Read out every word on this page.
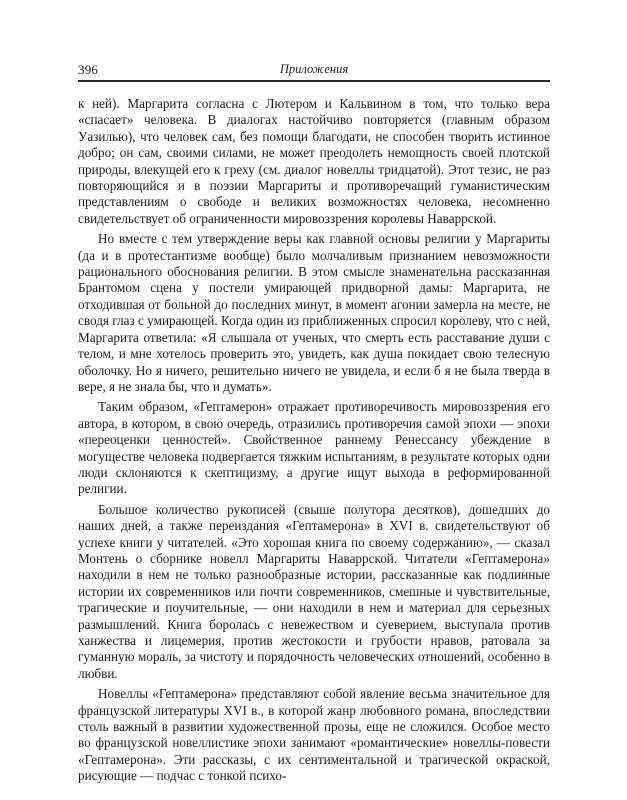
396	Приложения

к ней). Маргарита согласна с Лютером и Кальвином в том, что только вера «спасает» человека. В диалогах настойчиво повторяется (главным образом Уазилью), что человек сам, без помощи благодати, не способен творить истинное добро; он сам, своими силами, не может преодолеть немощность своей плотской природы, влекущей его к греху (см. диалог новеллы тридцатой). Этот тезис, не раз повторяющийся и в поэзии Маргариты и противоречащий гуманистическим представлениям о свободе и великих возможностях человека, несомненно свидетельствует об ограниченности мировоззрения королевы Наваррской.

Но вместе с тем утверждение веры как главной основы религии у Маргариты (да и в протестантизме вообще) было молчаливым признанием невозможности рационального обоснования религии. В этом смысле знаменательна рассказанная Брантомом сцена у постели умирающей придворной дамы: Маргарита, не отходившая от больной до последних минут, в момент агонии замерла на месте, не сводя глаз с умирающей. Когда один из приближенных спросил королеву, что с ней, Маргарита ответила: «Я слышала от ученых, что смерть есть расставание души с телом, и мне хотелось проверить это, увидеть, как душа покидает свою телесную оболочку. Но я ничего, решительно ничего не увидела, и если б я не была тверда в вере, я не знала бы, что и думать».

Таким образом, «Гептамерон» отражает противоречивость мировоззрения его автора, в котором, в свою очередь, отразились противоречия самой эпохи — эпохи «переоценки ценностей». Свойственное раннему Ренессансу убеждение в могуществе человека подвергается тяжким испытаниям, в результате которых одни люди склоняются к скептицизму, а другие ищут выхода в реформированной религии.

Большое количество рукописей (свыше полутора десятков), дошедших до наших дней, а также переиздания «Гептамерона» в XVI в. свидетельствуют об успехе книги у читателей. «Это хорошая книга по своему содержанию», — сказал Монтень о сборнике новелл Маргариты Наваррской. Читатели «Гептамерона» находили в нем не только разнообразные истории, рассказанные как подлинные истории их современников или почти современников, смешные и чувствительные, трагические и поучительные, — они находили в нем и материал для серьезных размышлений. Книга боролась с невежеством и суеверием, выступала против ханжества и лицемерия, против жестокости и грубости нравов, ратовала за гуманную мораль, за чистоту и порядочность человеческих отношений, особенно в любви.

Новеллы «Гептамерона» представляют собой явление весьма значительное для французской литературы XVI в., в которой жанр любовного романа, впоследствии столь важный в развитии художественной прозы, еще не сложился. Особое место во французской новеллистике эпохи занимают «романтические» новеллы-повести «Гептамерона». Эти рассказы, с их сентиментальной и трагической окраской, рисующие — подчас с тонкой психо-
